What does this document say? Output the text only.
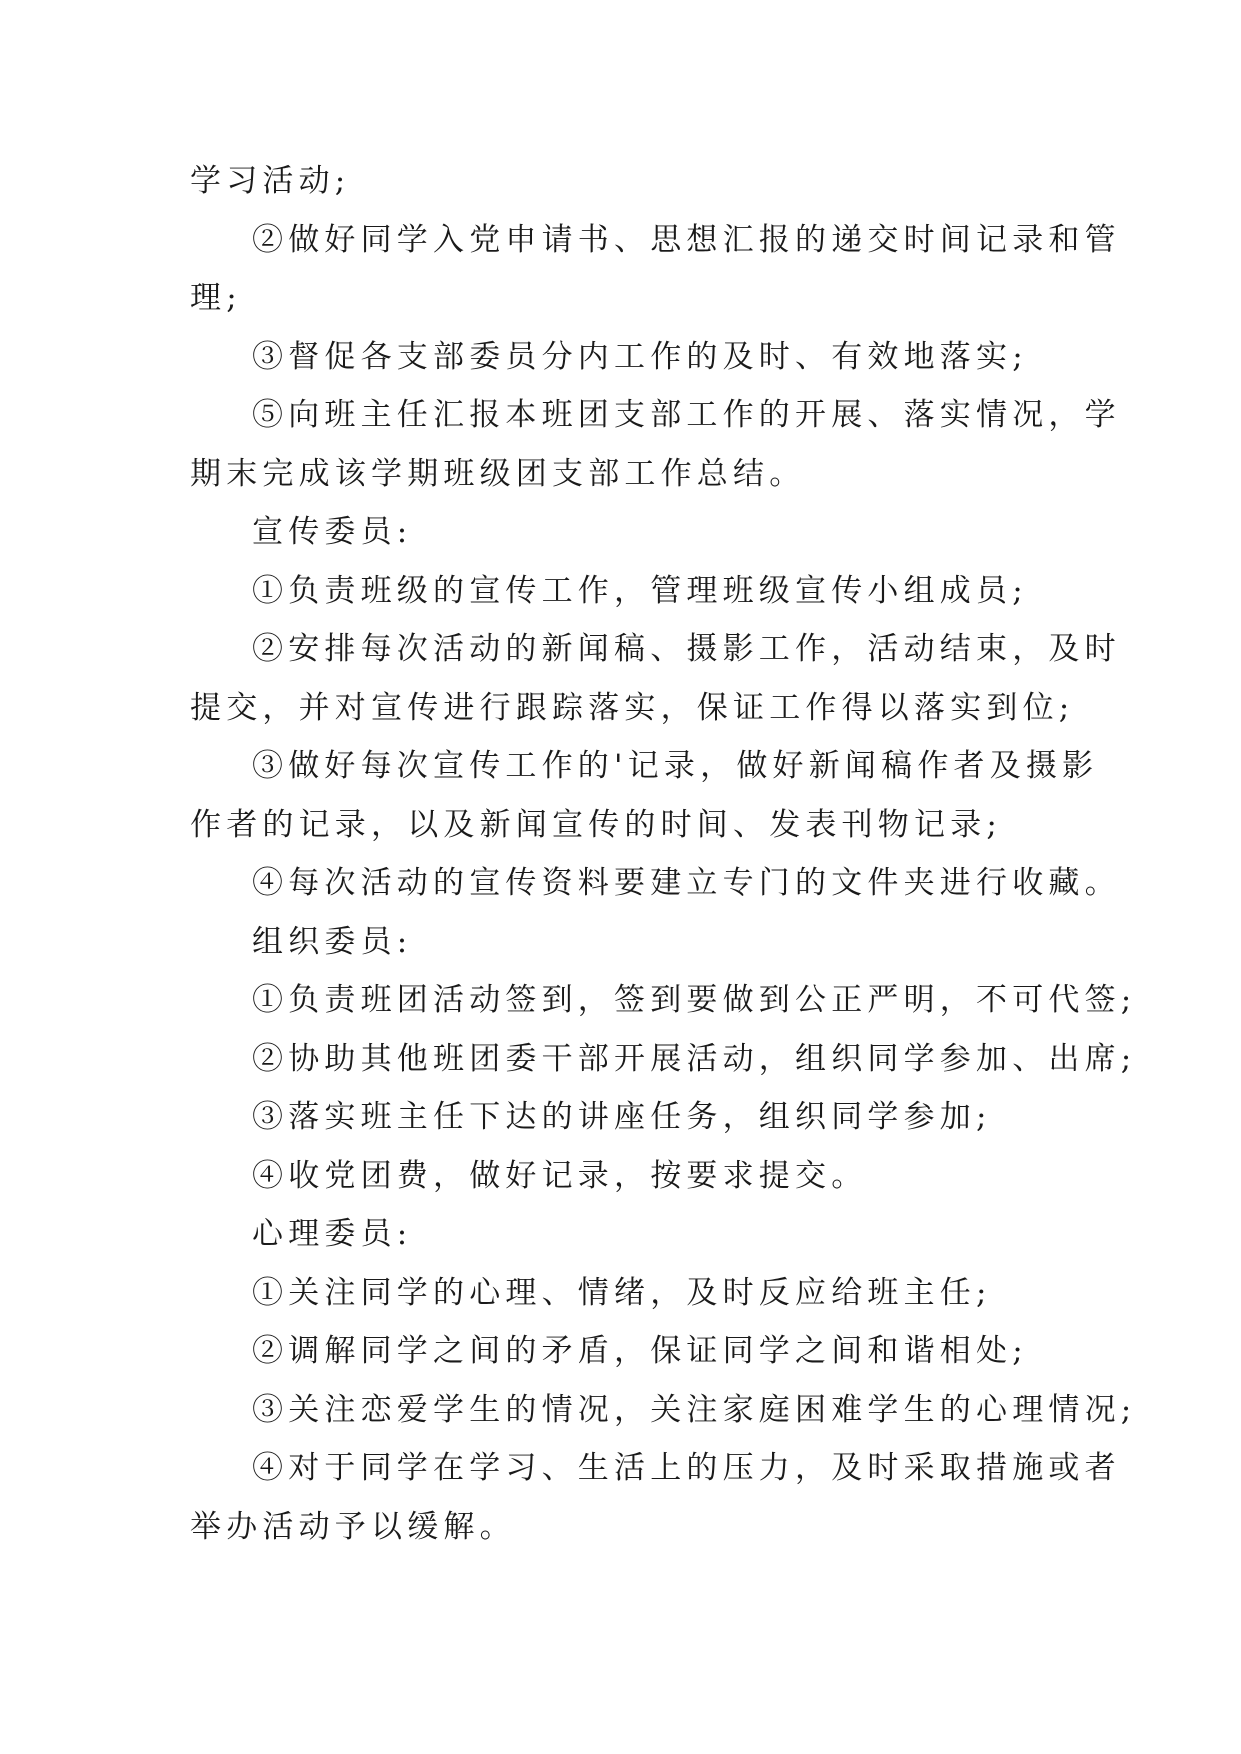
学习活动;
②做好同学入党申请书、思想汇报的递交时间记录和管
理;
③督促各支部委员分内工作的及时、有效地落实;
⑤向班主任汇报本班团支部工作的开展、落实情况，学
期末完成该学期班级团支部工作总结。
宣传委员:
①负责班级的宣传工作，管理班级宣传小组成员;
②安排每次活动的新闻稿、摄影工作，活动结束，及时
提交，并对宣传进行跟踪落实，保证工作得以落实到位;
③做好每次宣传工作的'记录，做好新闻稿作者及摄影
作者的记录，以及新闻宣传的时间、发表刊物记录;
④每次活动的宣传资料要建立专门的文件夹进行收藏。
组织委员:
①负责班团活动签到，签到要做到公正严明，不可代签;
②协助其他班团委干部开展活动，组织同学参加、出席;
③落实班主任下达的讲座任务，组织同学参加;
④收党团费，做好记录，按要求提交。
心理委员:
①关注同学的心理、情绪，及时反应给班主任;
②调解同学之间的矛盾，保证同学之间和谐相处;
③关注恋爱学生的情况，关注家庭困难学生的心理情况;
④对于同学在学习、生活上的压力，及时采取措施或者
举办活动予以缓解。
